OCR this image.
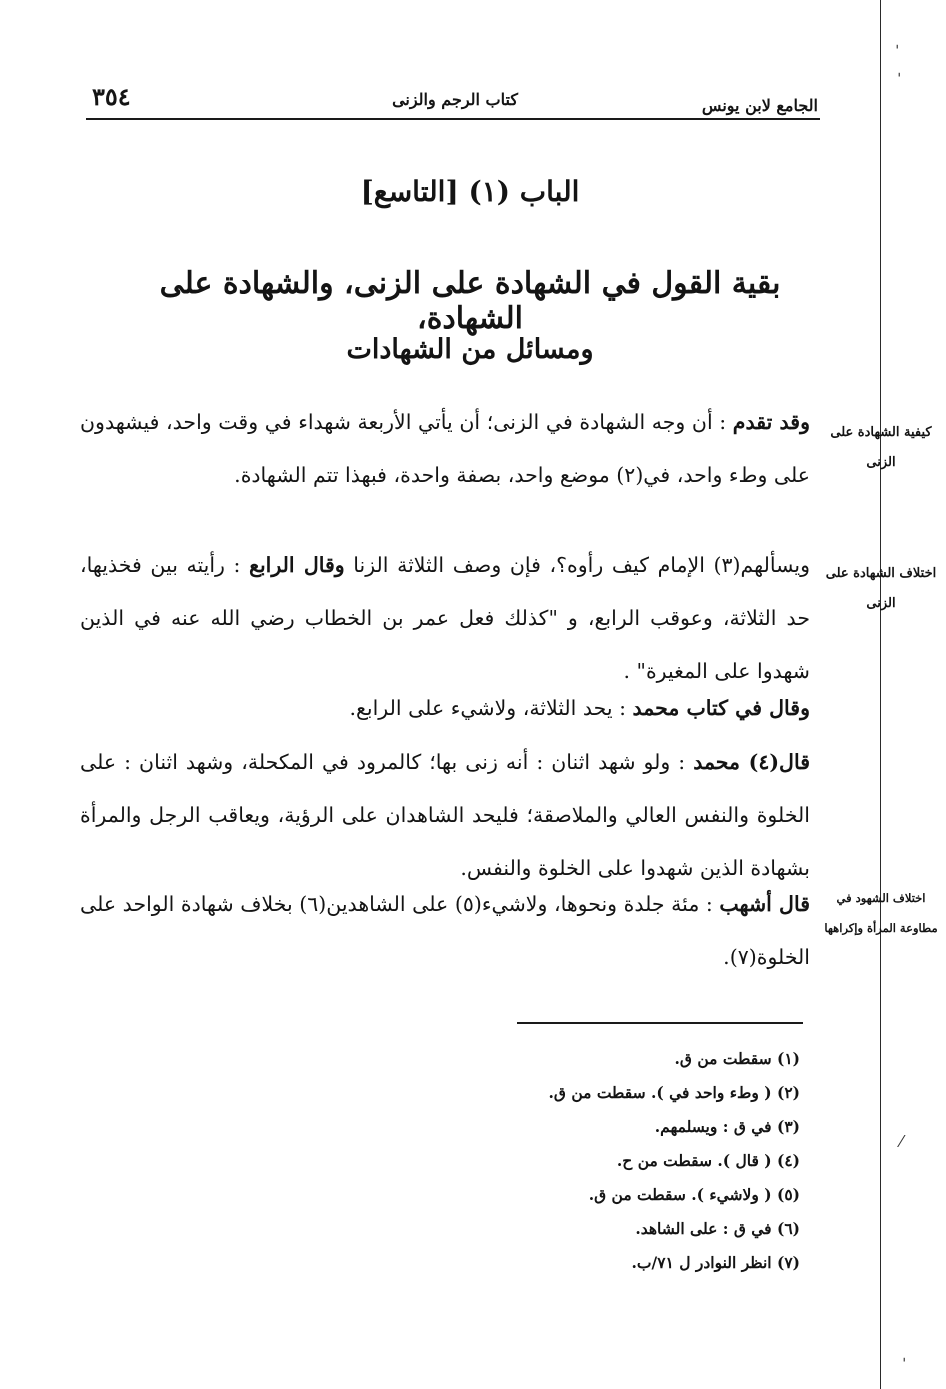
ˈ
ˈ
⁄
ˈ
٣٥٤	كتاب الرجم والزنى	الجامع لابن يونس
الباب (١) [التاسع]
بقية القول في الشهادة على الزنى، والشهادة على الشهادة،
ومسائل من الشهادات
وقد تقدم : أن وجه الشهادة في الزنى؛ أن يأتي الأربعة شهداء في وقت واحد، فيشهدون على وطء واحد، في(٢) موضع واحد، بصفة واحدة، فبهذا تتم الشهادة.
ويسألهم(٣) الإمام كيف رأوه؟، فإن وصف الثلاثة الزنا وقال الرابع : رأيته بين فخذيها، حد الثلاثة، وعوقب الرابع، و "كذلك فعل عمر بن الخطاب رضي الله عنه في الذين شهدوا على المغيرة" .
وقال في كتاب محمد : يحد الثلاثة، ولاشيء على الرابع.
قال(٤) محمد : ولو شهد اثنان : أنه زنى بها؛ كالمرود في المكحلة، وشهد اثنان : على الخلوة والنفس العالي والملاصقة؛ فليحد الشاهدان على الرؤية، ويعاقب الرجل والمرأة بشهادة الذين شهدوا على الخلوة والنفس.
قال أشهب : مئة جلدة ونحوها، ولاشيء(٥) على الشاهدين(٦) بخلاف شهادة الواحد على الخلوة(٧).
كيفية الشهادة على الزنى
اختلاف الشهادة على الزنى
اختلاف الشهود في مطاوعة المرأة وإكراهها
(١) سقطت من ق.
(٢) ( وطء واحد في ). سقطت من ق.
(٣) في ق : ويسلمهم.
(٤) ( قال ). سقطت من ح.
(٥) ( ولاشيء ). سقطت من ق.
(٦) في ق : على الشاهد.
(٧) انظر النوادر ل ٧١/ب.
